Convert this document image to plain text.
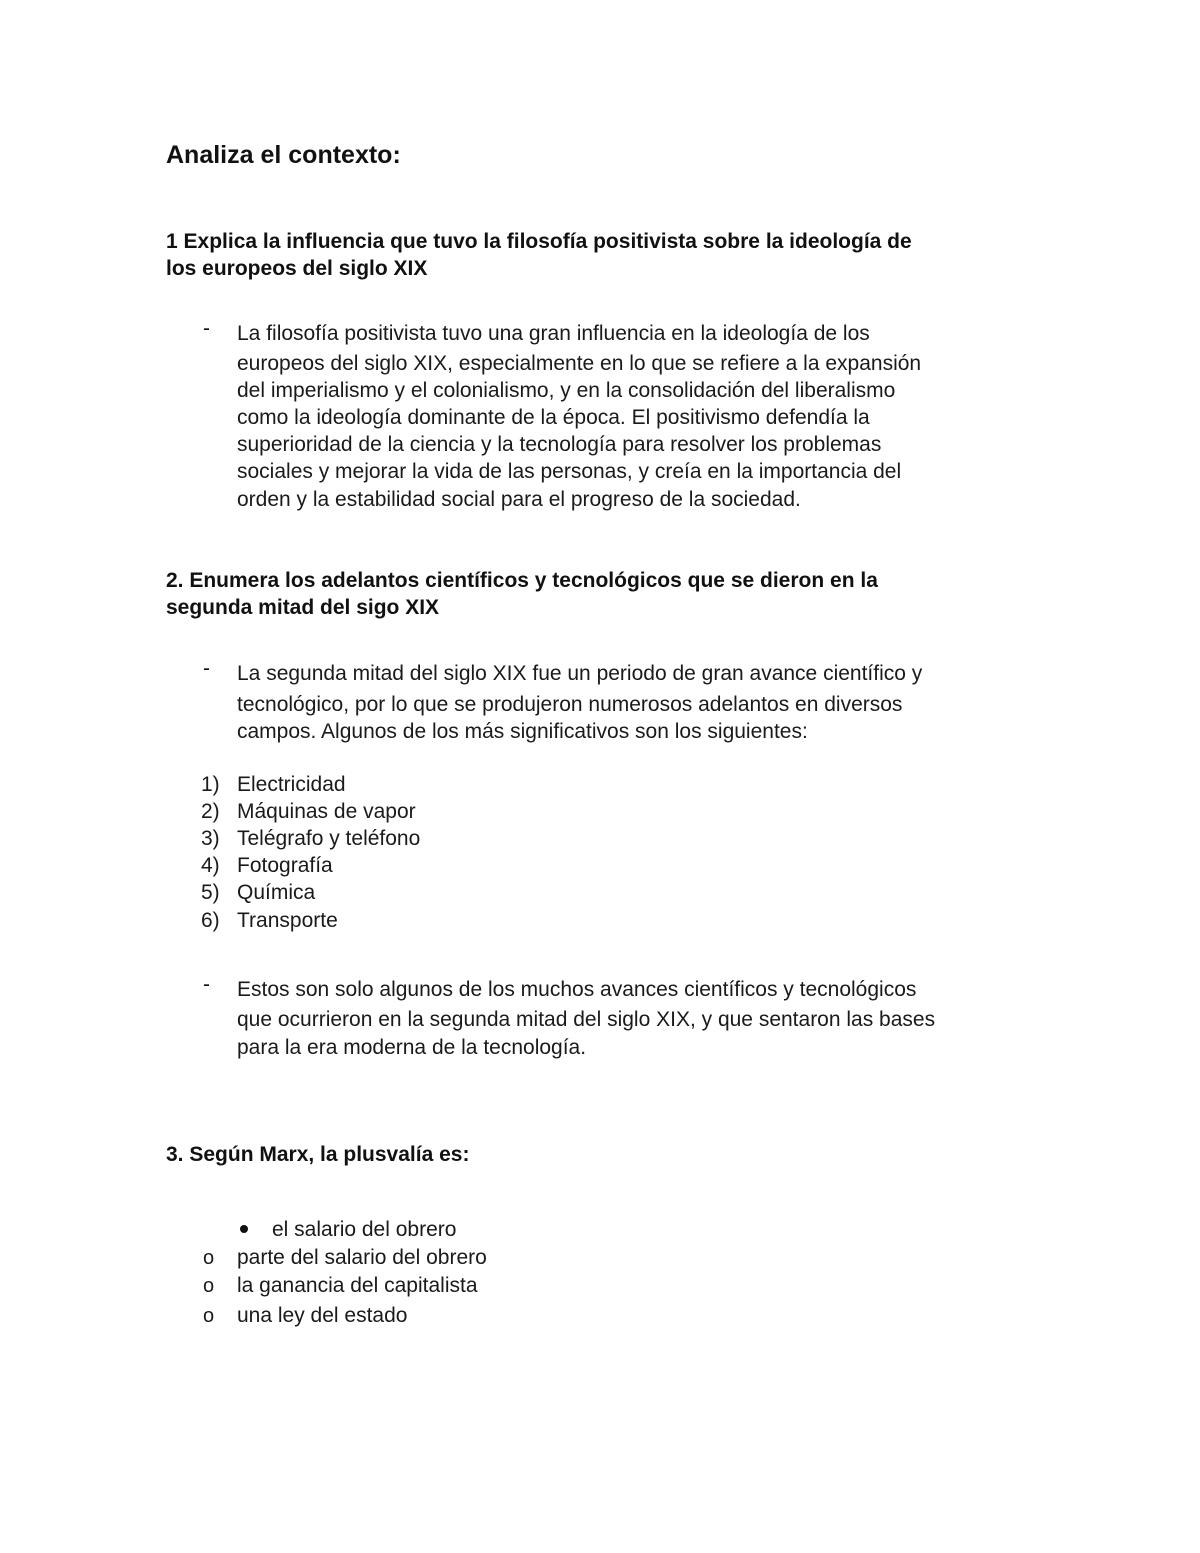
Analiza el contexto:
1 Explica la influencia que tuvo la filosofía positivista sobre la ideología de
los europeos del siglo XIX
- La filosofía positivista tuvo una gran influencia en la ideología de los
europeos del siglo XIX, especialmente en lo que se refiere a la expansión
del imperialismo y el colonialismo, y en la consolidación del liberalismo
como la ideología dominante de la época. El positivismo defendía la
superioridad de la ciencia y la tecnología para resolver los problemas
sociales y mejorar la vida de las personas, y creía en la importancia del
orden y la estabilidad social para el progreso de la sociedad.
2. Enumera los adelantos científicos y tecnológicos que se dieron en la
segunda mitad del sigo XIX
- La segunda mitad del siglo XIX fue un periodo de gran avance científico y
tecnológico, por lo que se produjeron numerosos adelantos en diversos
campos. Algunos de los más significativos son los siguientes:
1) Electricidad
2) Máquinas de vapor
3) Telégrafo y teléfono
4) Fotografía
5) Química
6) Transporte
- Estos son solo algunos de los muchos avances científicos y tecnológicos
que ocurrieron en la segunda mitad del siglo XIX, y que sentaron las bases
para la era moderna de la tecnología.
3. Según Marx, la plusvalía es:
el salario del obrero
o parte del salario del obrero
o la ganancia del capitalista
o una ley del estado
